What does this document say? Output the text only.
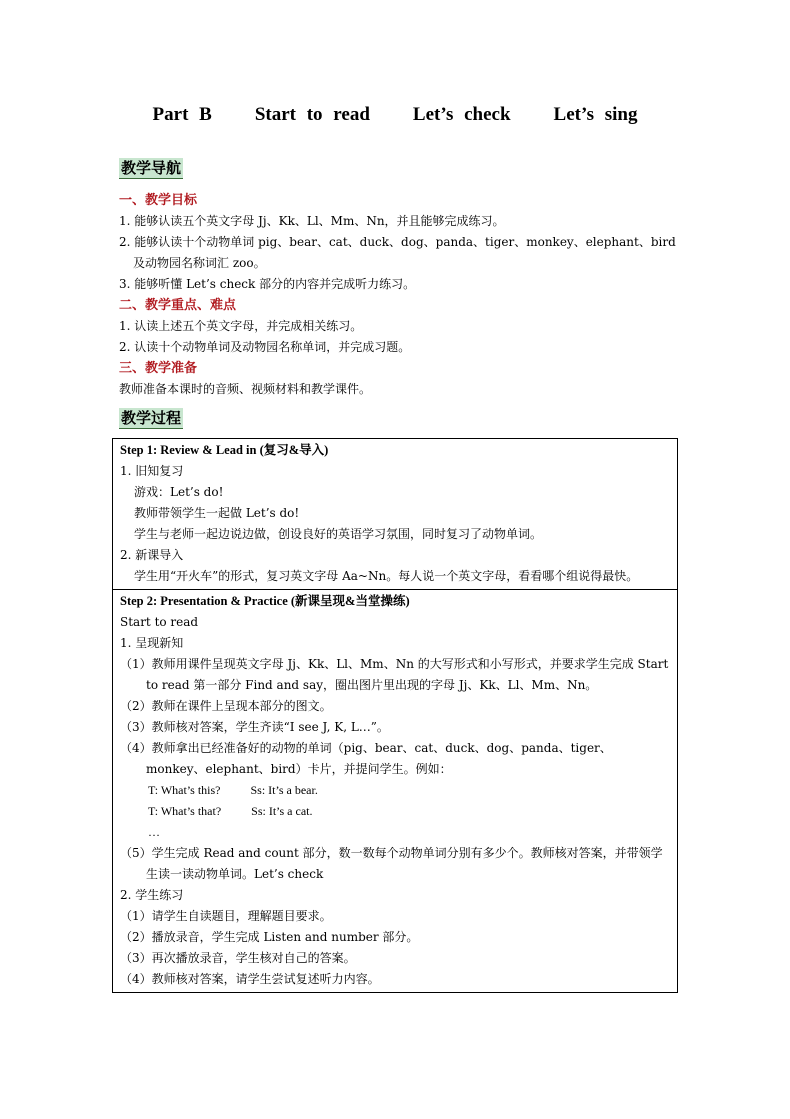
Part B    Start to read    Let’s check    Let’s sing
教学导航
一、教学目标
1. 能够认读五个英文字母 Jj、Kk、Ll、Mm、Nn，并且能够完成练习。
2. 能够认读十个动物单词 pig、bear、cat、duck、dog、panda、tiger、monkey、elephant、bird
及动物园名称词汇 zoo。
3. 能够听懂 Let’s check 部分的内容并完成听力练习。
二、教学重点、难点
1. 认读上述五个英文字母，并完成相关练习。
2. 认读十个动物单词及动物园名称单词，并完成习题。
三、教学准备
教师准备本课时的音频、视频材料和教学课件。
教学过程
Step 1: Review & Lead in (复习&导入)
1. 旧知复习
游戏：Let’s do!
教师带领学生一起做 Let’s do!
学生与老师一起边说边做，创设良好的英语学习氛围，同时复习了动物单词。
2. 新课导入
学生用“开火车”的形式，复习英文字母 Aa~Nn。每人说一个英文字母，看看哪个组说得最快。

Step 2: Presentation & Practice (新课呈现&当堂操练)
Start to read
1. 呈现新知
（1）教师用课件呈现英文字母 Jj、Kk、Ll、Mm、Nn 的大写形式和小写形式，并要求学生完成 Start to read 第一部分 Find and say，圈出图片里出现的字母 Jj、Kk、Ll、Mm、Nn。
（2）教师在课件上呈现本部分的图文。
（3）教师核对答案，学生齐读“I see J, K, L…”。
（4）教师拿出已经准备好的动物的单词（pig、bear、cat、duck、dog、panda、tiger、monkey、elephant、bird）卡片，并提问学生。例如：
T: What’s this?          Ss: It’s a bear.
T: What’s that?          Ss: It’s a cat.
…
（5）学生完成 Read and count 部分，数一数每个动物单词分别有多少个。教师核对答案，并带领学生读一读动物单词。Let’s check
2. 学生练习
（1）请学生自读题目，理解题目要求。
（2）播放录音，学生完成 Listen and number 部分。
（3）再次播放录音，学生核对自己的答案。
（4）教师核对答案，请学生尝试复述听力内容。
